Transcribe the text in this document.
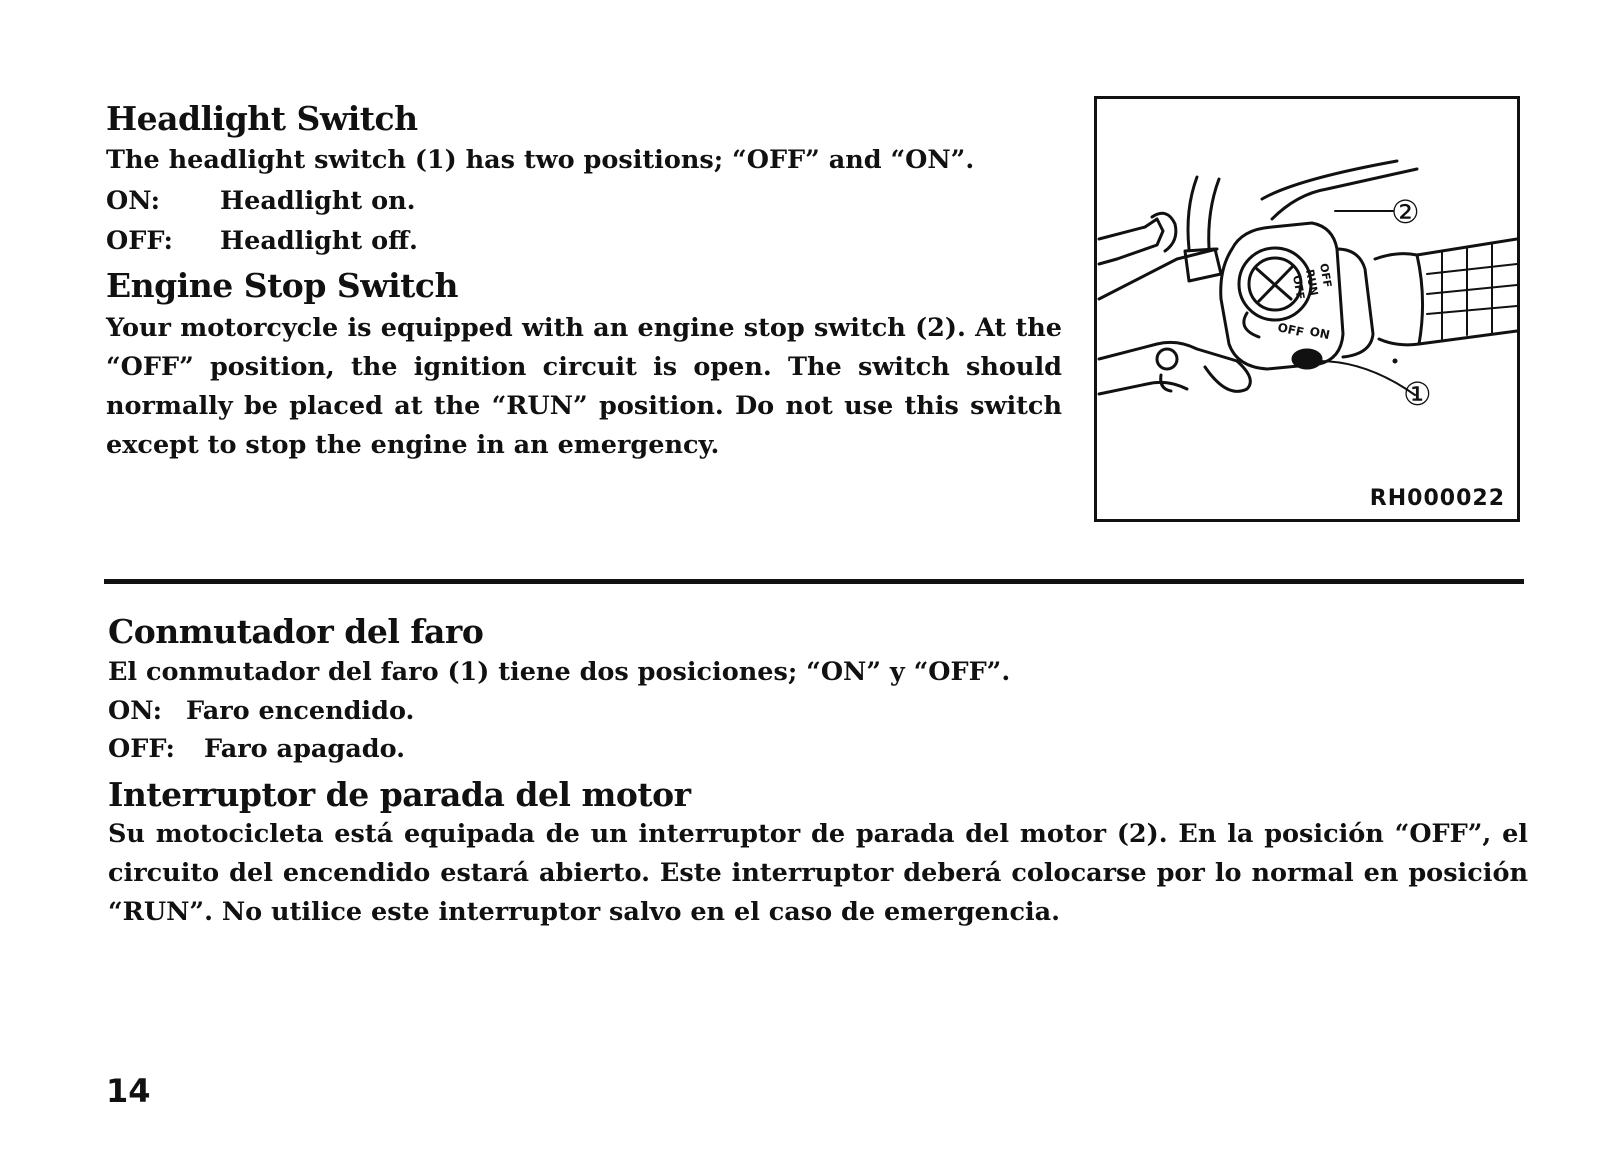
Headlight Switch
The headlight switch (1) has two positions; “OFF” and “ON”.
ON: Headlight on.
OFF: Headlight off.
Engine Stop Switch
Your motorcycle is equipped with an engine stop switch (2). At the
“OFF” position, the ignition circuit is open. The switch should
normally be placed at the “RUN” position. Do not use this switch
except to stop the engine in an emergency.
OFF
RUN
OFF
OFF ON
②
①
RH000022
Conmutador del faro
El conmutador del faro (1) tiene dos posiciones; “ON” y “OFF”.
ON: Faro encendido.
OFF: Faro apagado.
Interruptor de parada del motor
Su motocicleta está equipada de un interruptor de parada del motor (2). En la posición “OFF”, el
circuito del encendido estará abierto. Este interruptor deberá colocarse por lo normal en posición
“RUN”. No utilice este interruptor salvo en el caso de emergencia.
14
